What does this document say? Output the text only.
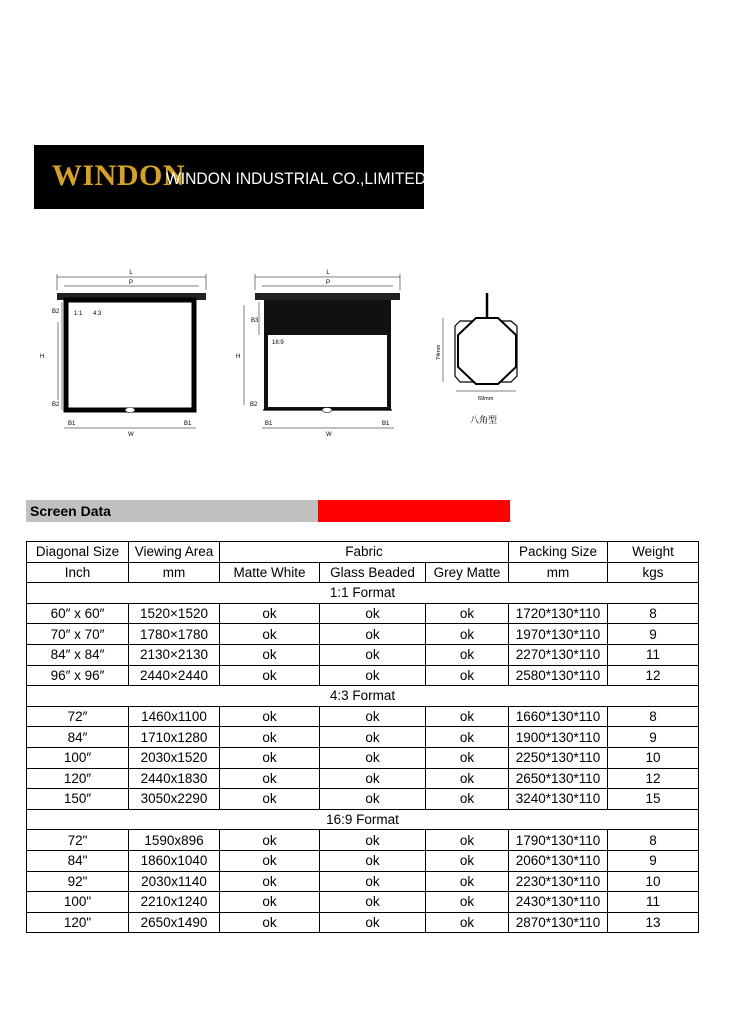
WINDON
WINDON INDUSTRIAL CO.,LIMITED
L
P
1:1 4:3
B2
H
B2
B1	B1
W
L
P
16:9
B3
H
B2
B1	B1
W
74mm
69mm
八角型
Screen Data
Diagonal Size	Viewing Area	Fabric			Packing Size	Weight
Inch	mm	Matte White	Glass Beaded	Grey Matte	mm	kgs
1:1 Format						
60″ x 60″	1520×1520	ok	ok	ok	1720*130*110	8
70″ x 70″	1780×1780	ok	ok	ok	1970*130*110	9
84″ x 84″	2130×2130	ok	ok	ok	2270*130*110	11
96″ x 96″	2440×2440	ok	ok	ok	2580*130*110	12
4:3 Format						
72″	1460x1100	ok	ok	ok	1660*130*110	8
84″	1710x1280	ok	ok	ok	1900*130*110	9
100″	2030x1520	ok	ok	ok	2250*130*110	10
120″	2440x1830	ok	ok	ok	2650*130*110	12
150″	3050x2290	ok	ok	ok	3240*130*110	15
16:9 Format						
72"	1590x896	ok	ok	ok	1790*130*110	8
84"	1860x1040	ok	ok	ok	2060*130*110	9
92"	2030x1140	ok	ok	ok	2230*130*110	10
100"	2210x1240	ok	ok	ok	2430*130*110	11
120"	2650x1490	ok	ok	ok	2870*130*110	13
